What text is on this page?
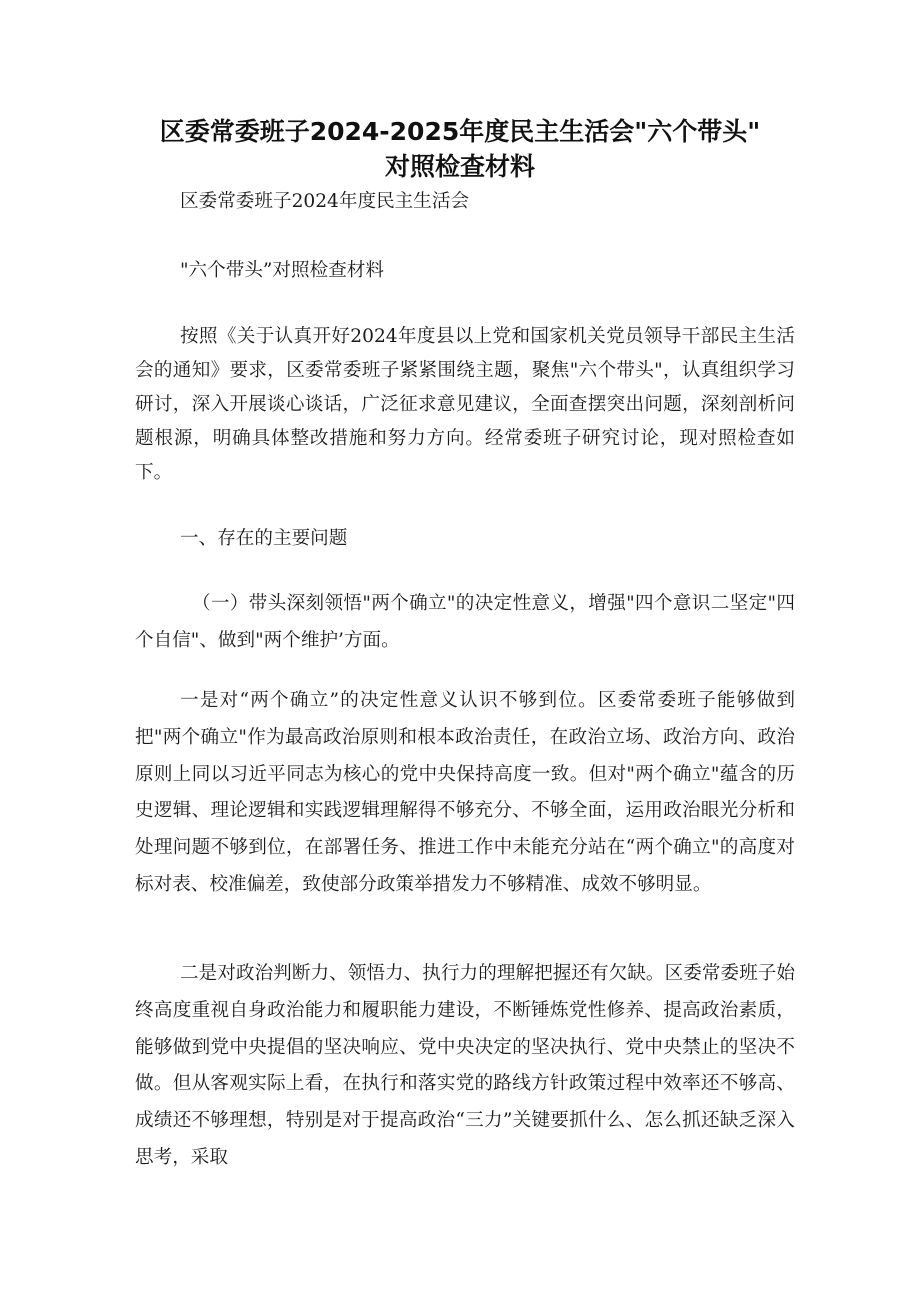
区委常委班子2024-2025年度民主生活会"六个带头"
对照检查材料

区委常委班子2024年度民主生活会

"六个带头”对照检查材料

按照《关于认真开好2024年度县以上党和国家机关党员领导干部民主生活会的通知》要求，区委常委班子紧紧围绕主题，聚焦"六个带头"，认真组织学习研讨，深入开展谈心谈话，广泛征求意见建议，全面查摆突出问题，深刻剖析问题根源，明确具体整改措施和努力方向。经常委班子研究讨论，现对照检查如下。

一、存在的主要问题

（一）带头深刻领悟"两个确立"的决定性意义，增强"四个意识二坚定"四个自信"、做到"两个维护’方面。

一是对“两个确立”的决定性意义认识不够到位。区委常委班子能够做到把"两个确立"作为最高政治原则和根本政治责任，在政治立场、政治方向、政治原则上同以习近平同志为核心的党中央保持高度一致。但对"两个确立"蕴含的历史逻辑、理论逻辑和实践逻辑理解得不够充分、不够全面，运用政治眼光分析和处理问题不够到位，在部署任务、推进工作中未能充分站在“两个确立"的高度对标对表、校准偏差，致使部分政策举措发力不够精准、成效不够明显。

二是对政治判断力、领悟力、执行力的理解把握还有欠缺。区委常委班子始终高度重视自身政治能力和履职能力建设，不断锤炼党性修养、提高政治素质，能够做到党中央提倡的坚决响应、党中央决定的坚决执行、党中央禁止的坚决不做。但从客观实际上看，在执行和落实党的路线方针政策过程中效率还不够高、成绩还不够理想，特别是对于提高政治“三力”关键要抓什么、怎么抓还缺乏深入思考，采取
